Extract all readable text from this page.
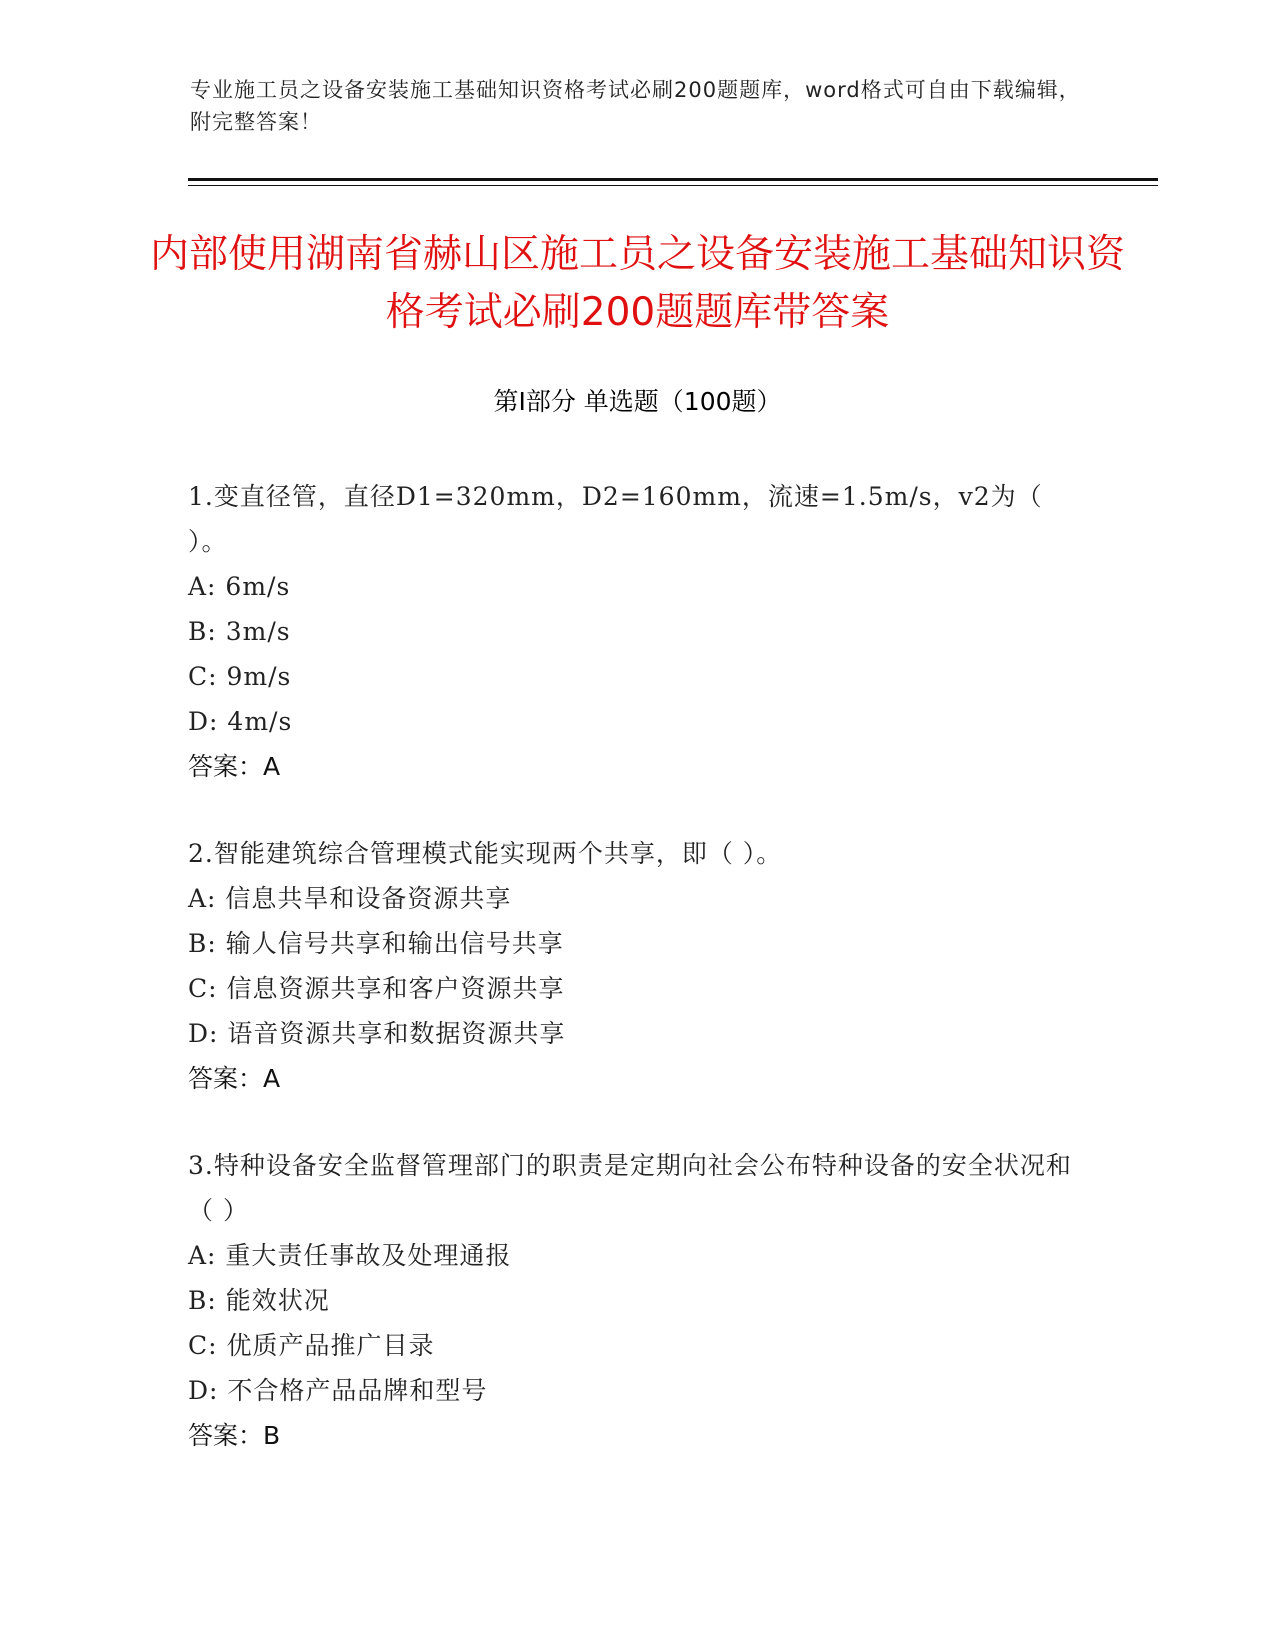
专业施工员之设备安装施工基础知识资格考试必刷200题题库，word格式可自由下载编辑，附完整答案！
内部使用湖南省赫山区施工员之设备安装施工基础知识资格考试必刷200题题库带答案
第I部分 单选题（100题）
1.变直径管，直径D1=320mm，D2=160mm，流速=1.5m/s，v2为（ ）。
A: 6m/s
B: 3m/s
C: 9m/s
D: 4m/s
答案：A
2.智能建筑综合管理模式能实现两个共享，即（ ）。
A: 信息共旱和设备资源共享
B: 输人信号共享和输出信号共享
C: 信息资源共享和客户资源共享
D: 语音资源共享和数据资源共享
答案：A
3.特种设备安全监督管理部门的职责是定期向社会公布特种设备的安全状况和（ ）
A: 重大责任事故及处理通报
B: 能效状况
C: 优质产品推广目录
D: 不合格产品品牌和型号
答案：B
